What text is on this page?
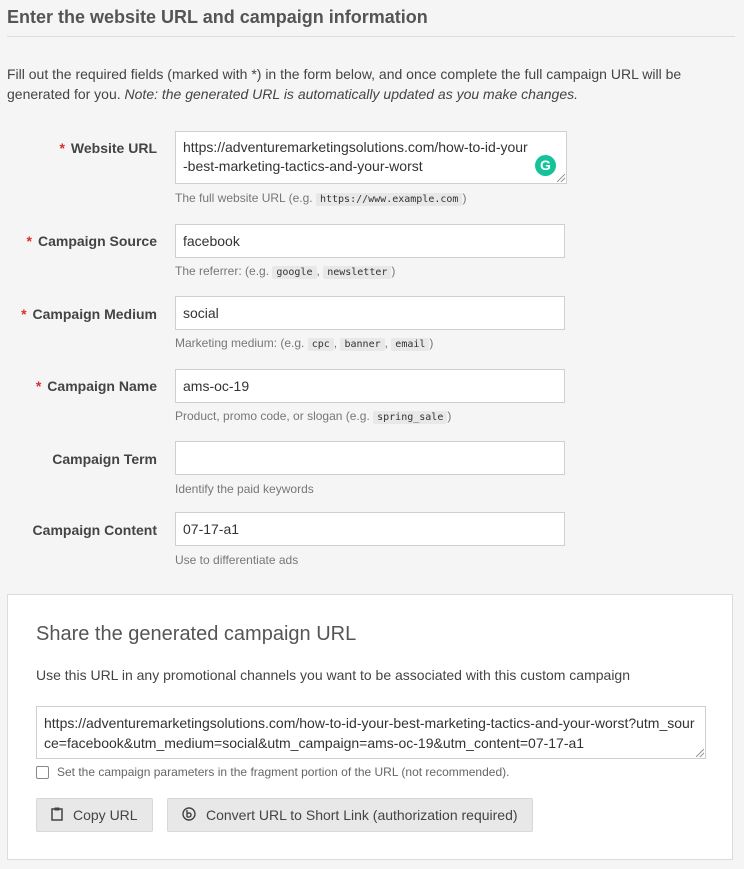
Enter the website URL and campaign information
Fill out the required fields (marked with *) in the form below, and once complete the full campaign URL will be generated for you. Note: the generated URL is automatically updated as you make changes.
* Website URL	https://adventuremarketingsolutions.com/how-to-id-your-best-marketing-tactics-and-your-worst	G
The full website URL (e.g. https://www.example.com )
* Campaign Source	facebook
The referrer: (e.g. google , newsletter )
* Campaign Medium	social
Marketing medium: (e.g. cpc , banner , email )
* Campaign Name	ams-oc-19
Product, promo code, or slogan (e.g. spring_sale )
Campaign Term
Identify the paid keywords
Campaign Content	07-17-a1
Use to differentiate ads
Share the generated campaign URL
Use this URL in any promotional channels you want to be associated with this custom campaign
https://adventuremarketingsolutions.com/how-to-id-your-best-marketing-tactics-and-your-worst?utm_source=facebook&utm_medium=social&utm_campaign=ams-oc-19&utm_content=07-17-a1
Set the campaign parameters in the fragment portion of the URL (not recommended).
Copy URL	Convert URL to Short Link (authorization required)
